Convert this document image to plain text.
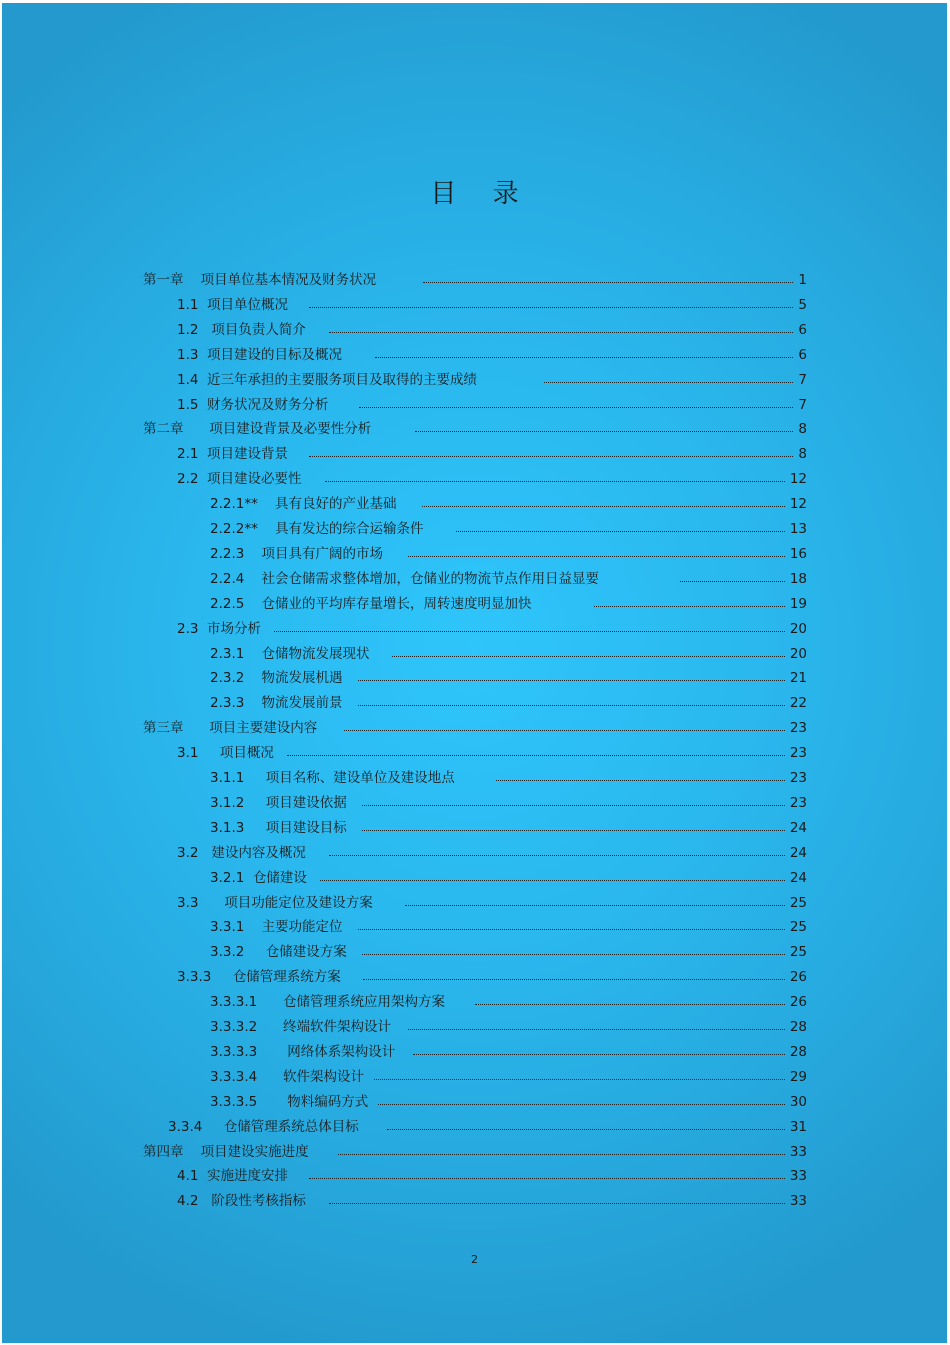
目 录
第一章    项目单位基本情况及财务状况	1
1.1  项目单位概况	5
1.2   项目负责人简介	6
1.3  项目建设的目标及概况	6
1.4  近三年承担的主要服务项目及取得的主要成绩	7
1.5  财务状况及财务分析	7
第二章      项目建设背景及必要性分析	8
2.1  项目建设背景	8
2.2  项目建设必要性	12
2.2.1**    具有良好的产业基础	12
2.2.2**    具有发达的综合运输条件	13
2.2.3    项目具有广阔的市场	16
2.2.4    社会仓储需求整体增加，仓储业的物流节点作用日益显要	18
2.2.5    仓储业的平均库存量增长，周转速度明显加快	19
2.3  市场分析	20
2.3.1    仓储物流发展现状	20
2.3.2    物流发展机遇	21
2.3.3    物流发展前景	22
第三章      项目主要建设内容	23
3.1     项目概况	23
3.1.1     项目名称、建设单位及建设地点	23
3.1.2     项目建设依据	23
3.1.3     项目建设目标	24
3.2   建设内容及概况	24
3.2.1  仓储建设	24
3.3      项目功能定位及建设方案	25
3.3.1    主要功能定位	25
3.3.2     仓储建设方案	25
3.3.3     仓储管理系统方案	26
3.3.3.1      仓储管理系统应用架构方案	26
3.3.3.2      终端软件架构设计	28
3.3.3.3       网络体系架构设计	28
3.3.3.4      软件架构设计	29
3.3.3.5       物料编码方式	30
3.3.4     仓储管理系统总体目标	31
第四章    项目建设实施进度	33
4.1  实施进度安排	33
4.2   阶段性考核指标	33
2
